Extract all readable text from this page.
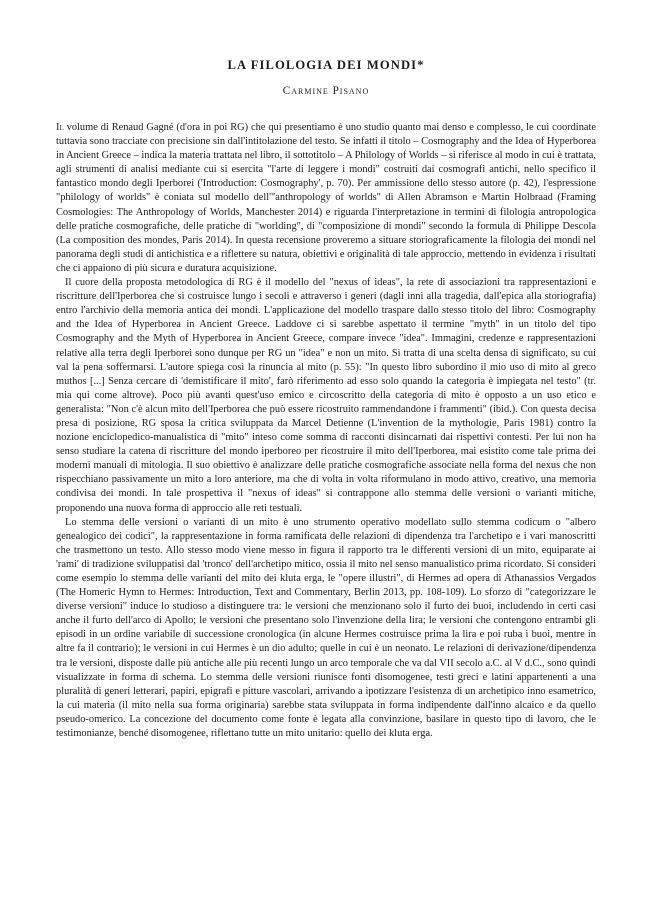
LA FILOLOGIA DEI MONDI*
Carmine Pisano

Il volume di Renaud Gagné (d'ora in poi RG) che qui presentiamo è uno studio quanto mai denso e complesso, le cui coordinate tuttavia sono tracciate con precisione sin dall'intitolazione del testo. Se infatti il titolo – Cosmography and the Idea of Hyperborea in Ancient Greece – indica la materia trattata nel libro, il sottotitolo – A Philology of Worlds – si riferisce al modo in cui è trattata, agli strumenti di analisi mediante cui si esercita "l'arte di leggere i mondi" costruiti dai cosmografi antichi, nello specifico il fantastico mondo degli Iperborei ('Introduction: Cosmography', p. 70). Per ammissione dello stesso autore (p. 42), l'espressione "philology of worlds" è coniata sul modello dell'"anthropology of worlds" di Allen Abramson e Martin Holbraad (Framing Cosmologies: The Anthropology of Worlds, Manchester 2014) e riguarda l'interpretazione in termini di filologia antropologica delle pratiche cosmografiche, delle pratiche di "worlding", di "composizione di mondi" secondo la formula di Philippe Descola (La composition des mondes, Paris 2014). In questa recensione proveremo a situare storiograficamente la filologia dei mondi nel panorama degli studi di antichistica e a riflettere su natura, obiettivi e originalità di tale approccio, mettendo in evidenza i risultati che ci appaiono di più sicura e duratura acquisizione.

Il cuore della proposta metodologica di RG è il modello del "nexus of ideas", la rete di associazioni tra rappresentazioni e riscritture dell'Iperborea che si costruisce lungo i secoli e attraverso i generi (dagli inni alla tragedia, dall'epica alla storiografia) entro l'archivio della memoria antica dei mondi. L'applicazione del modello traspare dallo stesso titolo del libro: Cosmography and the Idea of Hyperborea in Ancient Greece. Laddove ci si sarebbe aspettato il termine "myth" in un titolo del tipo Cosmography and the Myth of Hyperborea in Ancient Greece, compare invece "idea". Immagini, credenze e rappresentazioni relative alla terra degli Iperborei sono dunque per RG un "idea" e non un mito. Si tratta di una scelta densa di significato, su cui val la pena soffermarsi. L'autore spiega così la rinuncia al mito (p. 55): "In questo libro subordino il mio uso di mito al greco muthos [...] Senza cercare di 'demistificare il mito', farò riferimento ad esso solo quando la categoria è impiegata nel testo" (tr. mia qui come altrove). Poco più avanti quest'uso emico e circoscritto della categoria di mito è opposto a un uso etico e generalista: "Non c'è alcun mito dell'Iperborea che può essere ricostruito rammendandone i frammenti" (ibid.). Con questa decisa presa di posizione, RG sposa la critica sviluppata da Marcel Detienne (L'invention de la mythologie, Paris 1981) contro la nozione enciclopedico-manualistica di "mito" inteso come somma di racconti disincarnati dai rispettivi contesti. Per lui non ha senso studiare la catena di riscritture del mondo iperboreo per ricostruire il mito dell'Iperborea, mai esistito come tale prima dei moderni manuali di mitologia. Il suo obiettivo è analizzare delle pratiche cosmografiche associate nella forma del nexus che non rispecchiano passivamente un mito a loro anteriore, ma che di volta in volta riformulano in modo attivo, creativo, una memoria condivisa dei mondi. In tale prospettiva il "nexus of ideas" si contrappone allo stemma delle versioni o varianti mitiche, proponendo una nuova forma di approccio alle reti testuali.

Lo stemma delle versioni o varianti di un mito è uno strumento operativo modellato sullo stemma codicum o "albero genealogico dei codici", la rappresentazione in forma ramificata delle relazioni di dipendenza tra l'archetipo e i vari manoscritti che trasmettono un testo. Allo stesso modo viene messo in figura il rapporto tra le differenti versioni di un mito, equiparate ai 'rami' di tradizione sviluppatisi dal 'tronco' dell'archetipo mitico, ossia il mito nel senso manualistico prima ricordato. Si consideri come esempio lo stemma delle varianti del mito dei kluta erga, le "opere illustri", di Hermes ad opera di Athanassios Vergados (The Homeric Hymn to Hermes: Introduction, Text and Commentary, Berlin 2013, pp. 108-109). Lo sforzo di "categorizzare le diverse versioni" induce lo studioso a distinguere tra: le versioni che menzionano solo il furto dei buoi, includendo in certi casi anche il furto dell'arco di Apollo; le versioni che presentano solo l'invenzione della lira; le versioni che contengono entrambi gli episodi in un ordine variabile di successione cronologica (in alcune Hermes costruisce prima la lira e poi ruba i buoi, mentre in altre fa il contrario); le versioni in cui Hermes è un dio adulto; quelle in cui è un neonato. Le relazioni di derivazione/dipendenza tra le versioni, disposte dalle più antiche alle più recenti lungo un arco temporale che va dal VII secolo a.C. al V d.C., sono quindi visualizzate in forma di schema. Lo stemma delle versioni riunisce fonti disomogenee, testi greci e latini appartenenti a una pluralità di generi letterari, papiri, epigrafi e pitture vascolari, arrivando a ipotizzare l'esistenza di un archetipico inno esametrico, la cui materia (il mito nella sua forma originaria) sarebbe stata sviluppata in forma indipendente dall'inno alcaico e da quello pseudo-omerico. La concezione del documento come fonte è legata alla convinzione, basilare in questo tipo di lavoro, che le testimonianze, benché disomogenee, riflettano tutte un mito unitario: quello dei kluta erga.
